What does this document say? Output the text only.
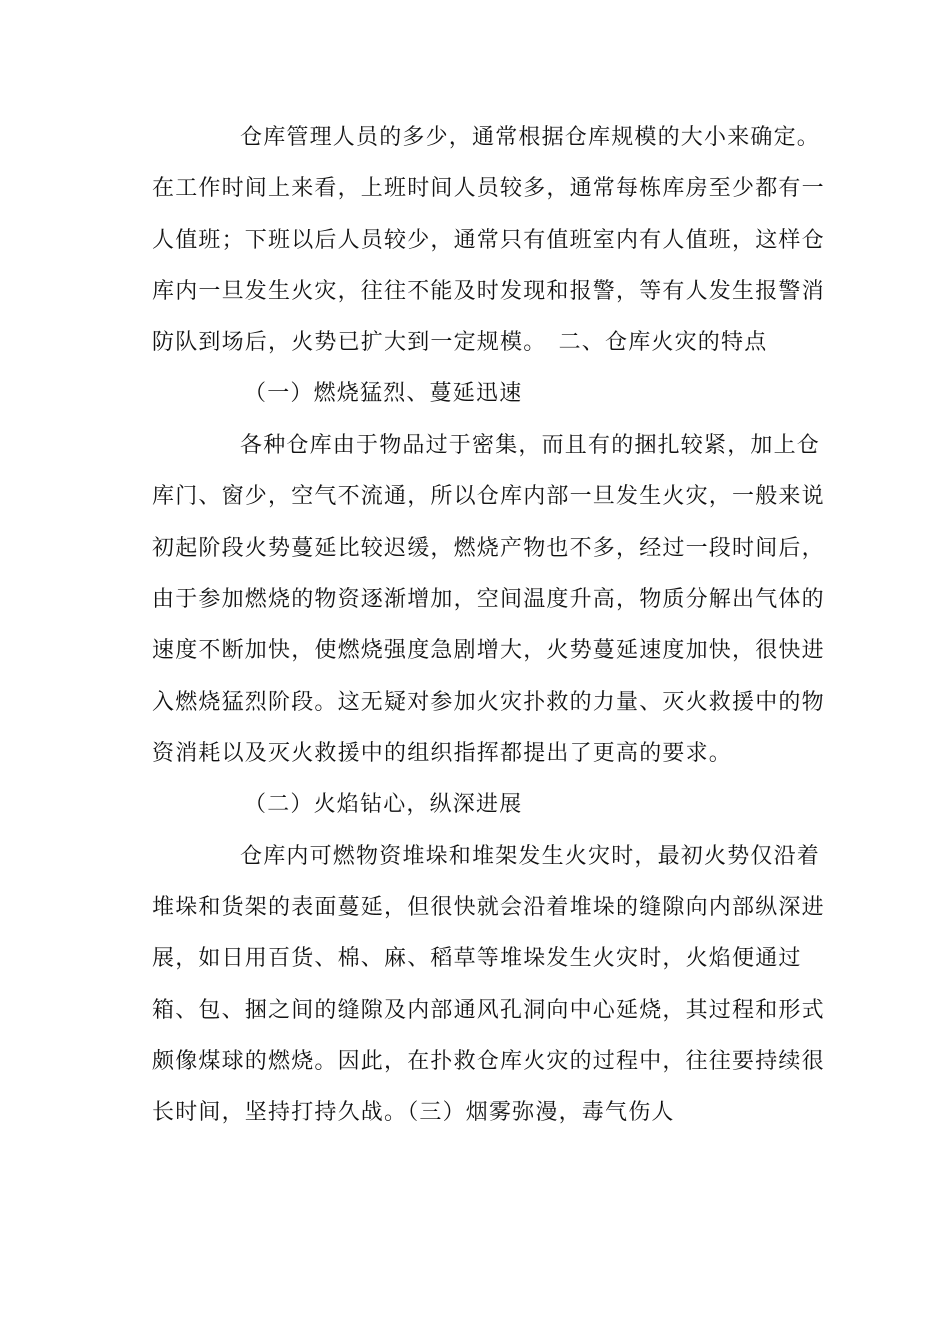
仓库管理人员的多少，通常根据仓库规模的大小来确定。
在工作时间上来看，上班时间人员较多，通常每栋库房至少都有一
人值班；下班以后人员较少，通常只有值班室内有人值班，这样仓
库内一旦发生火灾，往往不能及时发现和报警，等有人发生报警消
防队到场后，火势已扩大到一定规模。　二、仓库火灾的特点
（一）燃烧猛烈、蔓延迅速
各种仓库由于物品过于密集，而且有的捆扎较紧，加上仓
库门、窗少，空气不流通，所以仓库内部一旦发生火灾，一般来说
初起阶段火势蔓延比较迟缓，燃烧产物也不多，经过一段时间后，
由于参加燃烧的物资逐渐增加，空间温度升高，物质分解出气体的
速度不断加快，使燃烧强度急剧增大，火势蔓延速度加快，很快进
入燃烧猛烈阶段。这无疑对参加火灾扑救的力量、灭火救援中的物
资消耗以及灭火救援中的组织指挥都提出了更高的要求。
（二）火焰钻心，纵深进展
仓库内可燃物资堆垛和堆架发生火灾时，最初火势仅沿着
堆垛和货架的表面蔓延，但很快就会沿着堆垛的缝隙向内部纵深进
展，如日用百货、棉、麻、稻草等堆垛发生火灾时，火焰便通过
箱、包、捆之间的缝隙及内部通风孔洞向中心延烧，其过程和形式
颇像煤球的燃烧。因此，在扑救仓库火灾的过程中，往往要持续很
长时间，坚持打持久战。（三）烟雾弥漫，毒气伤人
